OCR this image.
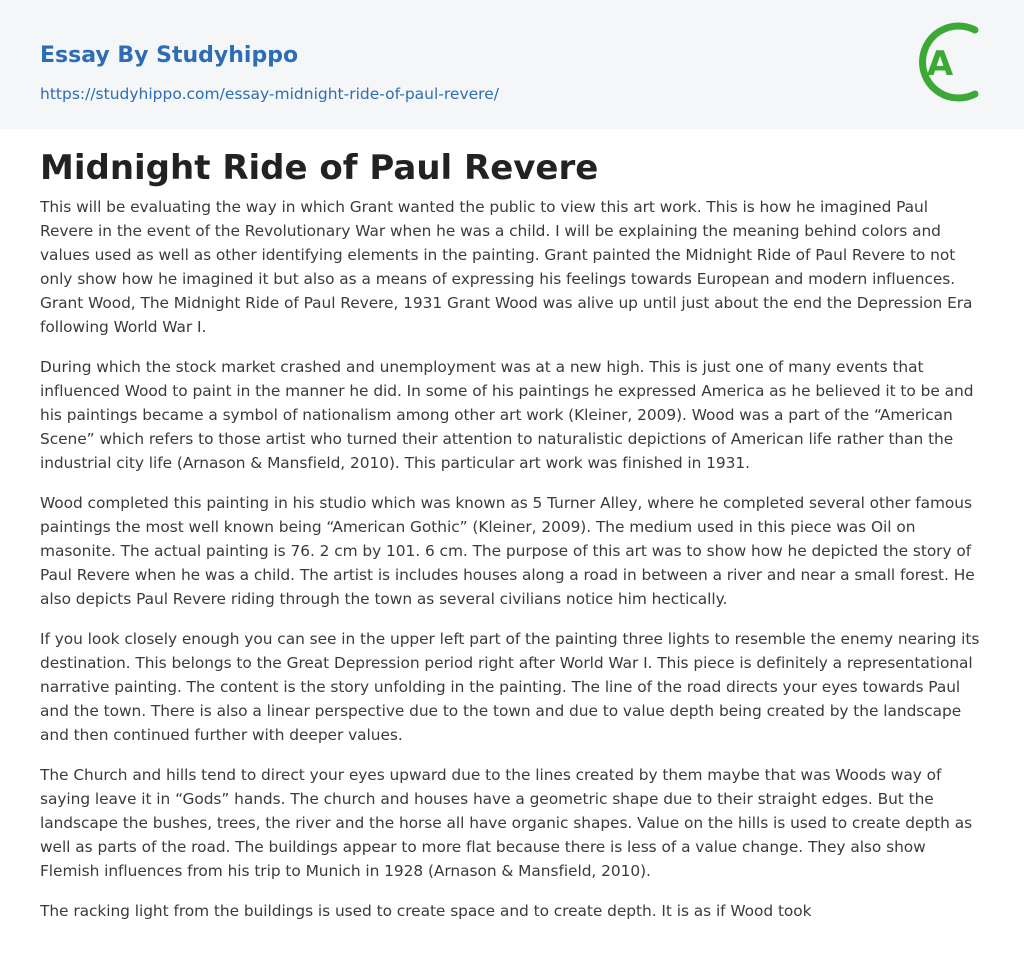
Essay By Studyhippo
https://studyhippo.com/essay-midnight-ride-of-paul-revere/
A
Midnight Ride of Paul Revere

This will be evaluating the way in which Grant wanted the public to view this art work. This is how he imagined Paul Revere in the event of the Revolutionary War when he was a child. I will be explaining the meaning behind colors and values used as well as other identifying elements in the painting. Grant painted the Midnight Ride of Paul Revere to not only show how he imagined it but also as a means of expressing his feelings towards European and modern influences. Grant Wood, The Midnight Ride of Paul Revere, 1931 Grant Wood was alive up until just about the end the Depression Era following World War I.

During which the stock market crashed and unemployment was at a new high. This is just one of many events that influenced Wood to paint in the manner he did. In some of his paintings he expressed America as he believed it to be and his paintings became a symbol of nationalism among other art work (Kleiner, 2009). Wood was a part of the “American Scene” which refers to those artist who turned their attention to naturalistic depictions of American life rather than the industrial city life (Arnason & Mansfield, 2010). This particular art work was finished in 1931.

Wood completed this painting in his studio which was known as 5 Turner Alley, where he completed several other famous paintings the most well known being “American Gothic” (Kleiner, 2009). The medium used in this piece was Oil on masonite. The actual painting is 76. 2 cm by 101. 6 cm. The purpose of this art was to show how he depicted the story of Paul Revere when he was a child. The artist is includes houses along a road in between a river and near a small forest. He also depicts Paul Revere riding through the town as several civilians notice him hectically.

If you look closely enough you can see in the upper left part of the painting three lights to resemble the enemy nearing its destination. This belongs to the Great Depression period right after World War I. This piece is definitely a representational narrative painting. The content is the story unfolding in the painting. The line of the road directs your eyes towards Paul and the town. There is also a linear perspective due to the town and due to value depth being created by the landscape and then continued further with deeper values.

The Church and hills tend to direct your eyes upward due to the lines created by them maybe that was Woods way of saying leave it in “Gods” hands. The church and houses have a geometric shape due to their straight edges. But the landscape the bushes, trees, the river and the horse all have organic shapes. Value on the hills is used to create depth as well as parts of the road. The buildings appear to more flat because there is less of a value change. They also show Flemish influences from his trip to Munich in 1928 (Arnason & Mansfield, 2010).

The racking light from the buildings is used to create space and to create depth. It is as if Wood took
